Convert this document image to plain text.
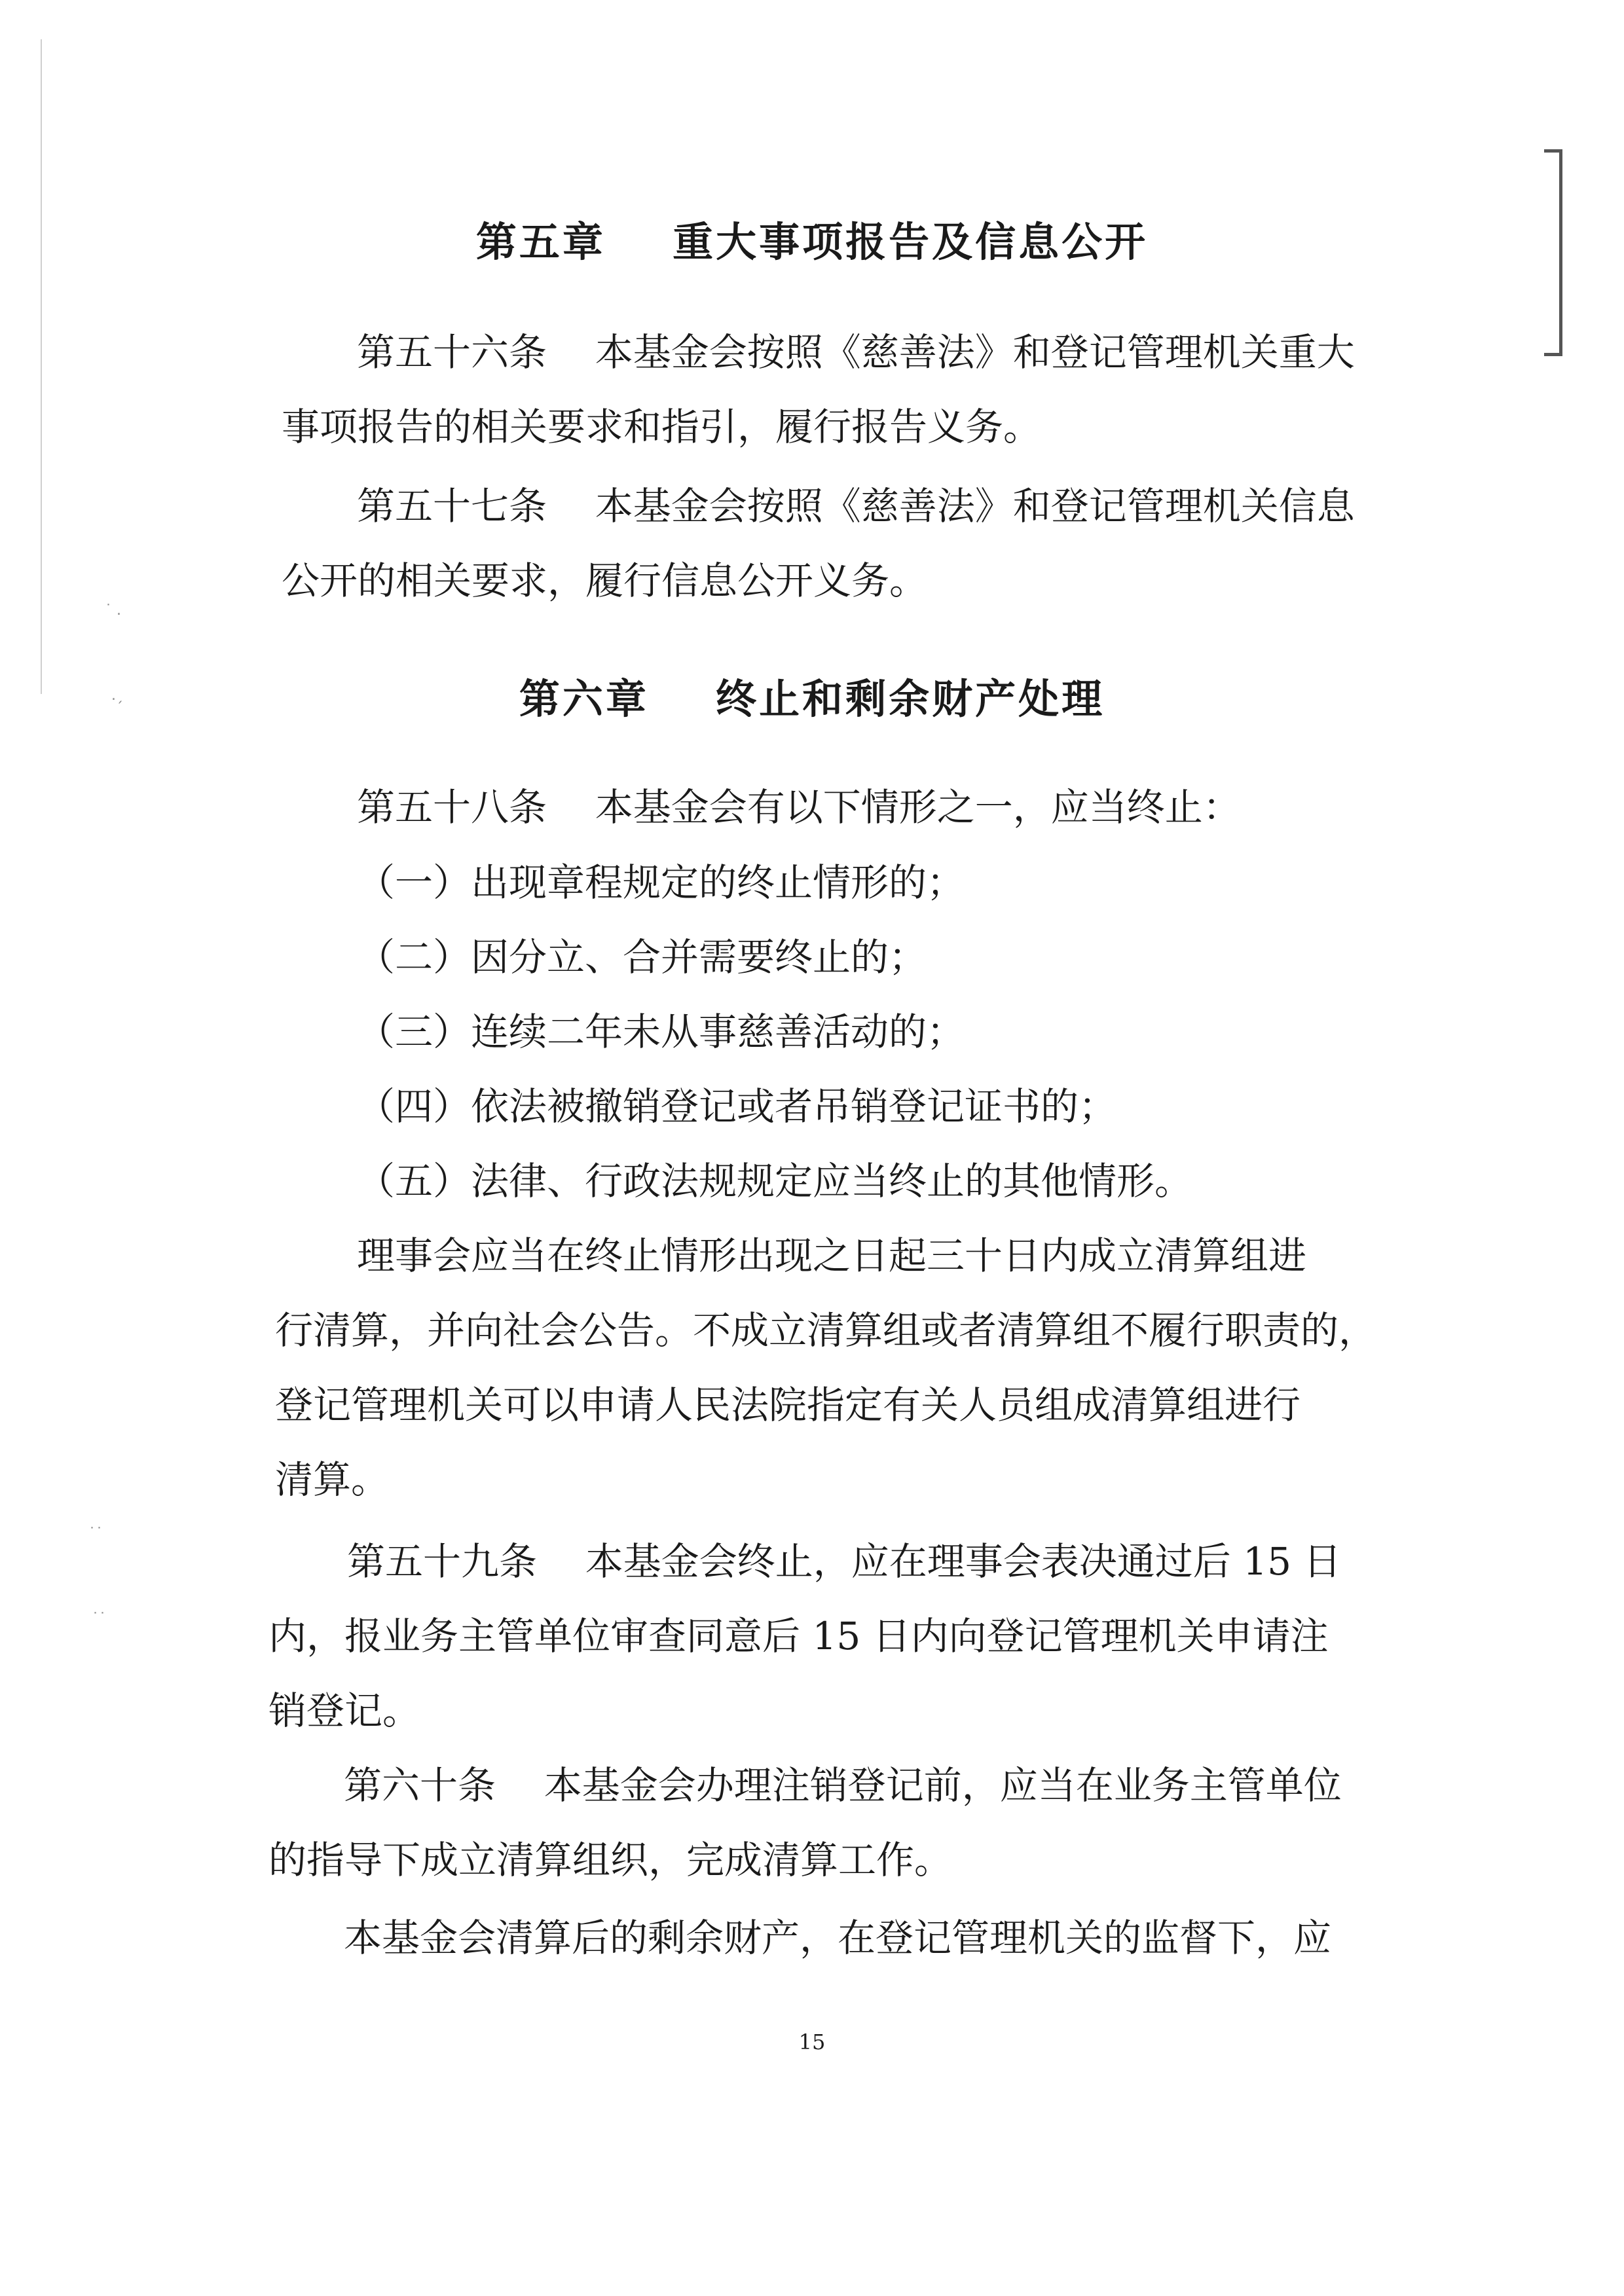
˙ .
.ˏ
˙˙
˙˙
第五章    重大事项报告及信息公开
第五十六条    本基金会按照《慈善法》和登记管理机关重大
事项报告的相关要求和指引，履行报告义务。
第五十七条    本基金会按照《慈善法》和登记管理机关信息
公开的相关要求，履行信息公开义务。
第六章    终止和剩余财产处理
第五十八条    本基金会有以下情形之一，应当终止：
（一）出现章程规定的终止情形的；
（二）因分立、合并需要终止的；
（三）连续二年未从事慈善活动的；
（四）依法被撤销登记或者吊销登记证书的；
（五）法律、行政法规规定应当终止的其他情形。
理事会应当在终止情形出现之日起三十日内成立清算组进
行清算，并向社会公告。不成立清算组或者清算组不履行职责的，
登记管理机关可以申请人民法院指定有关人员组成清算组进行
清算。
第五十九条    本基金会终止，应在理事会表决通过后 15 日
内，报业务主管单位审查同意后 15 日内向登记管理机关申请注
销登记。
第六十条    本基金会办理注销登记前，应当在业务主管单位
的指导下成立清算组织，完成清算工作。
本基金会清算后的剩余财产，在登记管理机关的监督下，应
15
